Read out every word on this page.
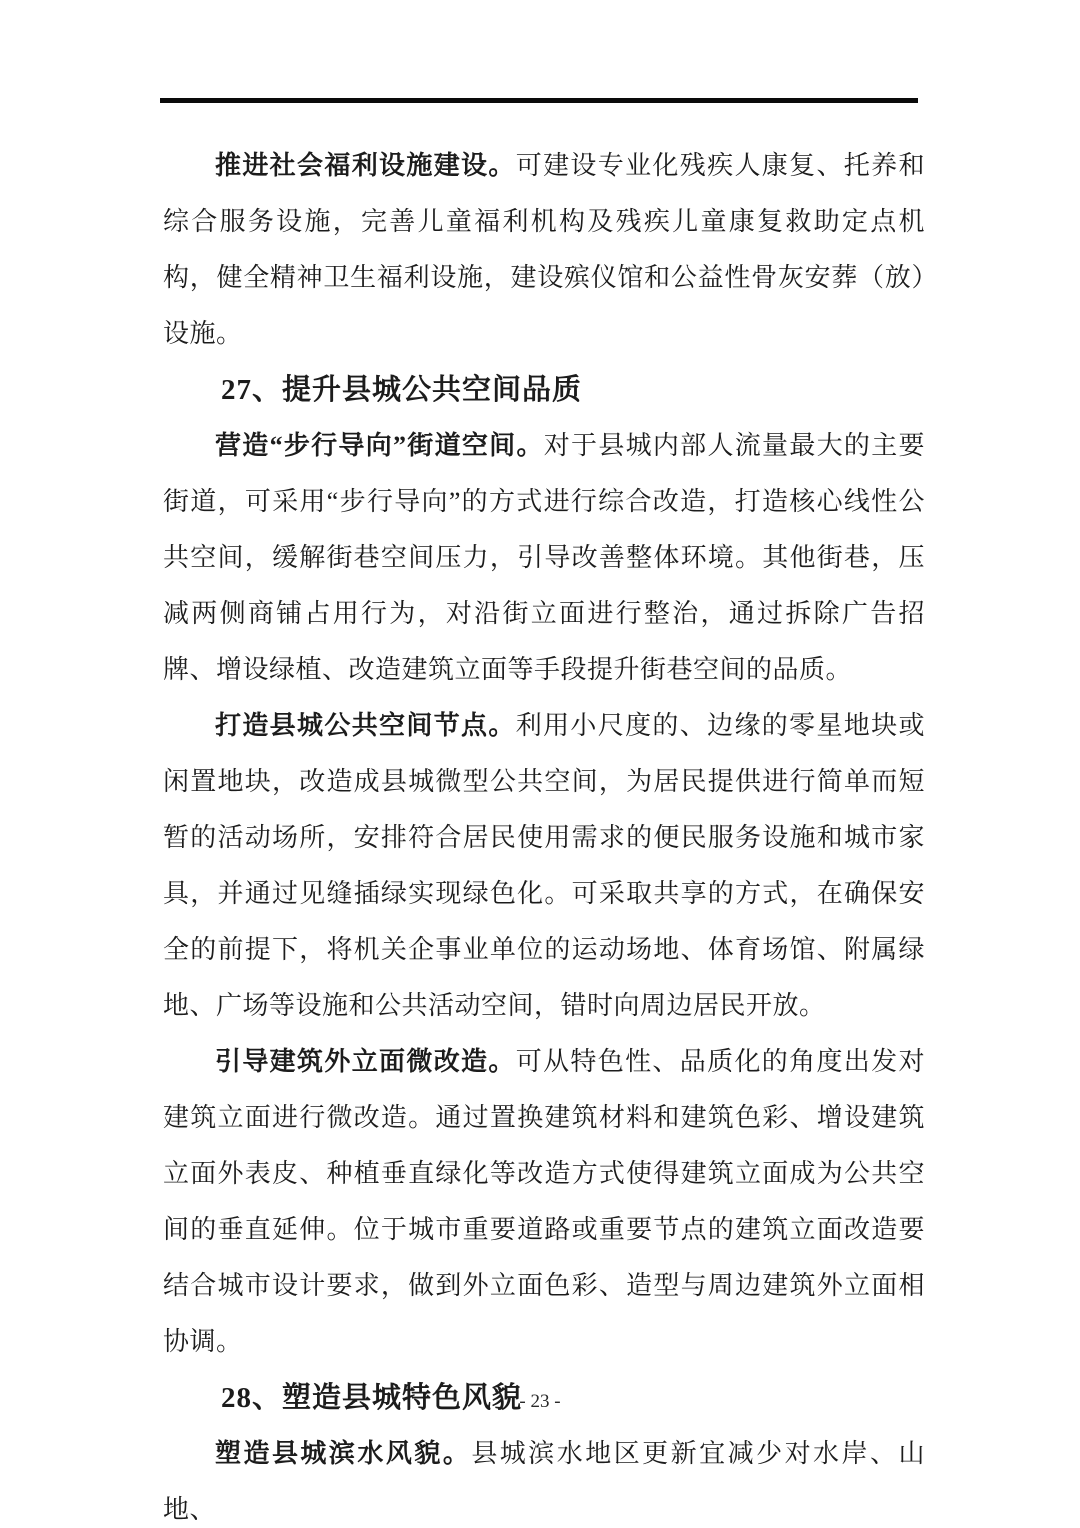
推进社会福利设施建设。可建设专业化残疾人康复、托养和综合服务设施，完善儿童福利机构及残疾儿童康复救助定点机构，健全精神卫生福利设施，建设殡仪馆和公益性骨灰安葬（放）设施。

27、提升县城公共空间品质

营造“步行导向”街道空间。对于县城内部人流量最大的主要街道，可采用“步行导向”的方式进行综合改造，打造核心线性公共空间，缓解街巷空间压力，引导改善整体环境。其他街巷，压减两侧商铺占用行为，对沿街立面进行整治，通过拆除广告招牌、增设绿植、改造建筑立面等手段提升街巷空间的品质。

打造县城公共空间节点。利用小尺度的、边缘的零星地块或闲置地块，改造成县城微型公共空间，为居民提供进行简单而短暂的活动场所，安排符合居民使用需求的便民服务设施和城市家具，并通过见缝插绿实现绿色化。可采取共享的方式，在确保安全的前提下，将机关企事业单位的运动场地、体育场馆、附属绿地、广场等设施和公共活动空间，错时向周边居民开放。

引导建筑外立面微改造。可从特色性、品质化的角度出发对建筑立面进行微改造。通过置换建筑材料和建筑色彩、增设建筑立面外表皮、种植垂直绿化等改造方式使得建筑立面成为公共空间的垂直延伸。位于城市重要道路或重要节点的建筑立面改造要结合城市设计要求，做到外立面色彩、造型与周边建筑外立面相协调。

28、塑造县城特色风貌

塑造县城滨水风貌。县城滨水地区更新宜减少对水岸、山地、

- 23 -
